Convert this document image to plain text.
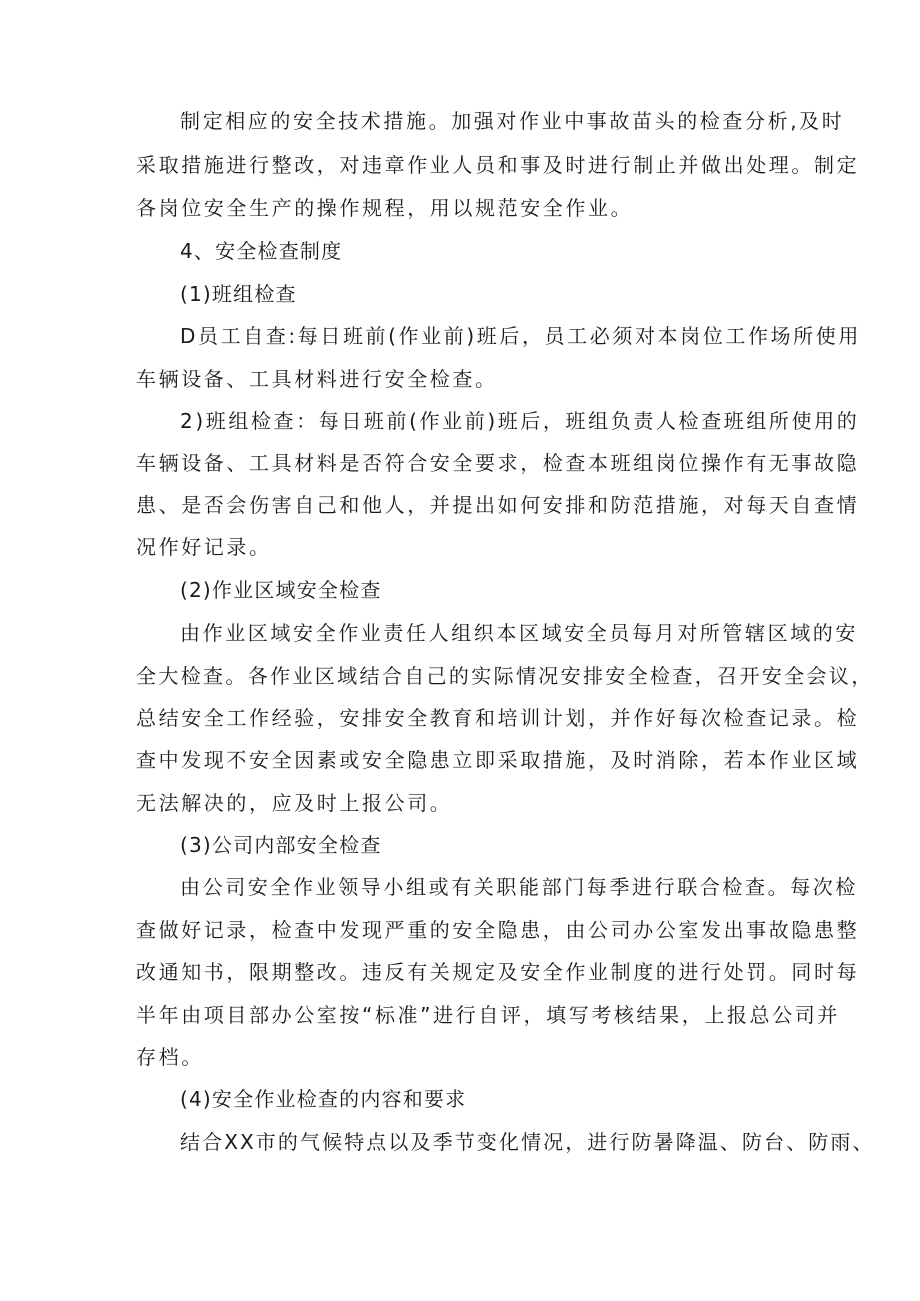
制定相应的安全技术措施。加强对作业中事故苗头的检查分析,及时
采取措施进行整改，对违章作业人员和事及时进行制止并做出处理。制定
各岗位安全生产的操作规程，用以规范安全作业。
4、安全检查制度
(1)班组检查
D员工自查:每日班前(作业前)班后，员工必须对本岗位工作场所使用
车辆设备、工具材料进行安全检查。
2)班组检查：每日班前(作业前)班后，班组负责人检查班组所使用的
车辆设备、工具材料是否符合安全要求，检查本班组岗位操作有无事故隐
患、是否会伤害自己和他人，并提出如何安排和防范措施，对每天自查情
况作好记录。
(2)作业区域安全检查
由作业区域安全作业责任人组织本区域安全员每月对所管辖区域的安
全大检查。各作业区域结合自己的实际情况安排安全检查，召开安全会议，
总结安全工作经验，安排安全教育和培训计划，并作好每次检查记录。检
查中发现不安全因素或安全隐患立即采取措施，及时消除，若本作业区域
无法解决的，应及时上报公司。
(3)公司内部安全检查
由公司安全作业领导小组或有关职能部门每季进行联合检查。每次检
查做好记录，检查中发现严重的安全隐患，由公司办公室发出事故隐患整
改通知书，限期整改。违反有关规定及安全作业制度的进行处罚。同时每
半年由项目部办公室按“标准”进行自评，填写考核结果，上报总公司并
存档。
(4)安全作业检查的内容和要求
结合XX市的气候特点以及季节变化情况，进行防暑降温、防台、防雨、
